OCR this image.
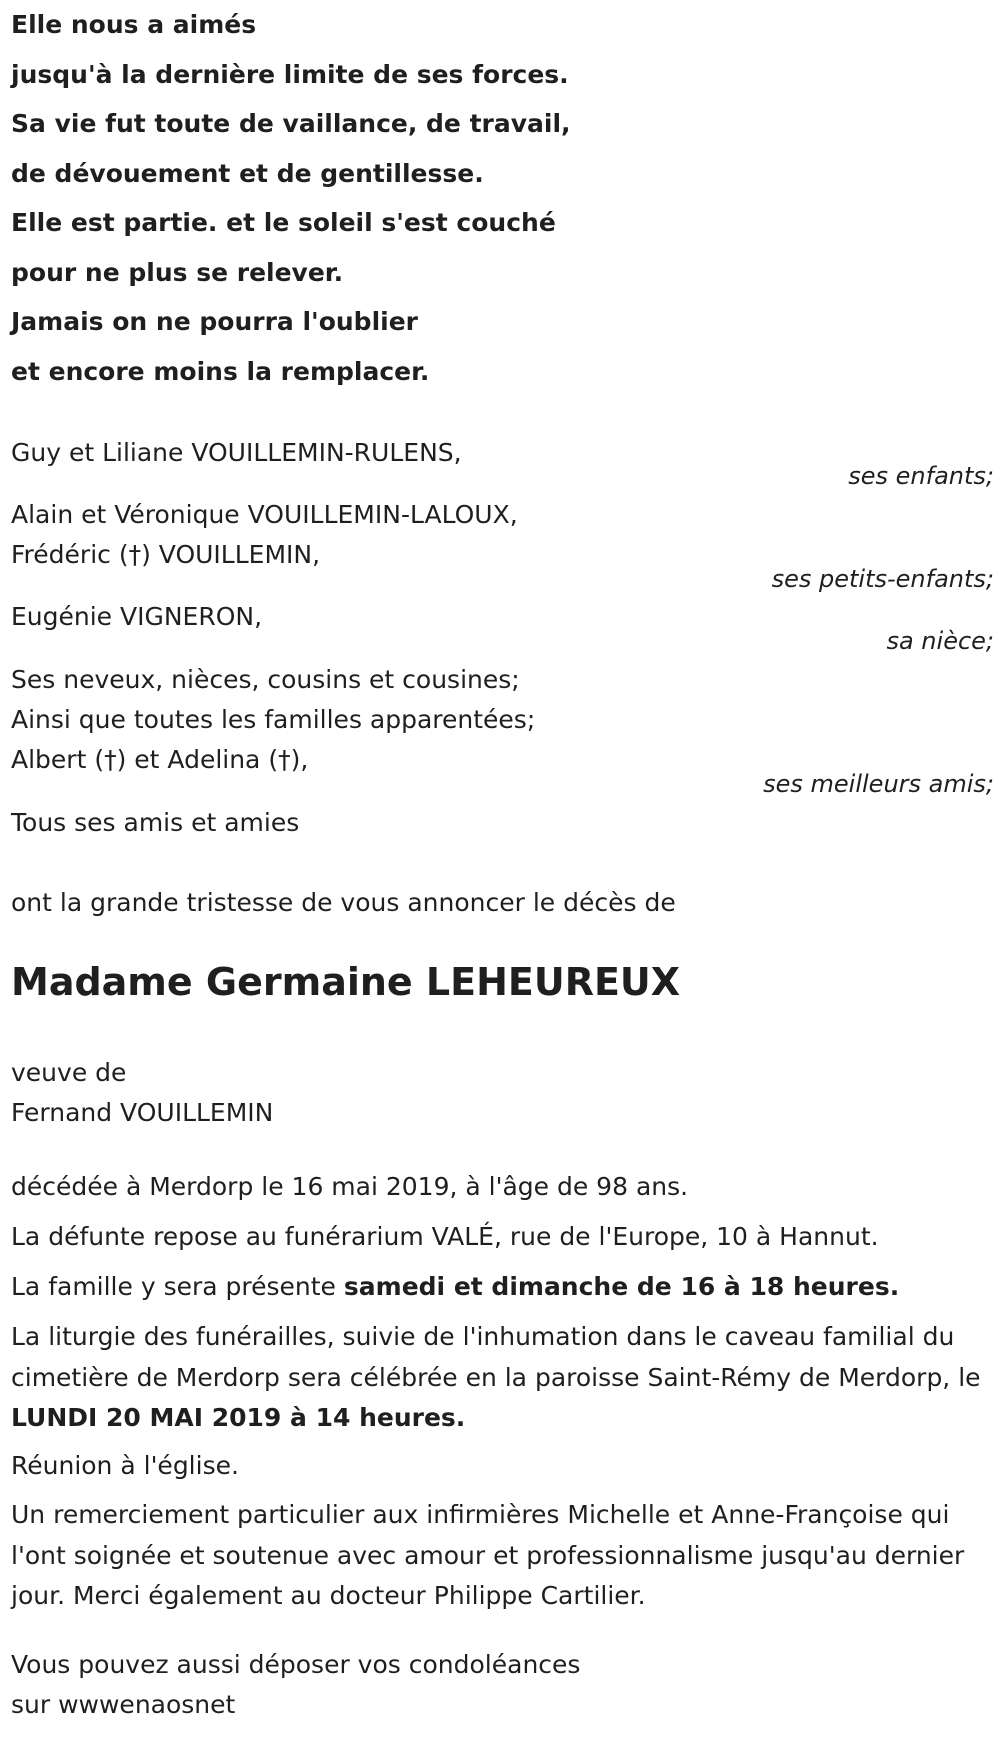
Elle nous a aimés
jusqu'à la dernière limite de ses forces.
Sa vie fut toute de vaillance, de travail,
de dévouement et de gentillesse.
Elle est partie. et le soleil s'est couché
pour ne plus se relever.
Jamais on ne pourra l'oublier
et encore moins la remplacer.
Guy et Liliane VOUILLEMIN-RULENS,
ses enfants;
Alain et Véronique VOUILLEMIN-LALOUX,
Frédéric (†) VOUILLEMIN,
ses petits-enfants;
Eugénie VIGNERON,
sa nièce;
Ses neveux, nièces, cousins et cousines;
Ainsi que toutes les familles apparentées;
Albert (†) et Adelina (†),
ses meilleurs amis;
Tous ses amis et amies
ont la grande tristesse de vous annoncer le décès de
Madame Germaine LEHEUREUX
veuve de
Fernand VOUILLEMIN
décédée à Merdorp le 16 mai 2019, à l'âge de 98 ans.
La défunte repose au funérarium VALÉ, rue de l'Europe, 10 à Hannut.
La famille y sera présente samedi et dimanche de 16 à 18 heures.
La liturgie des funérailles, suivie de l'inhumation dans le caveau familial du cimetière de Merdorp sera célébrée en la paroisse Saint-Rémy de Merdorp, le LUNDI 20 MAI 2019 à 14 heures.
Réunion à l'église.
Un remerciement particulier aux infirmières Michelle et Anne-Françoise qui l'ont soignée et soutenue avec amour et professionnalisme jusqu'au dernier jour. Merci également au docteur Philippe Cartilier.
Vous pouvez aussi déposer vos condoléances
sur wwwenaosnet
